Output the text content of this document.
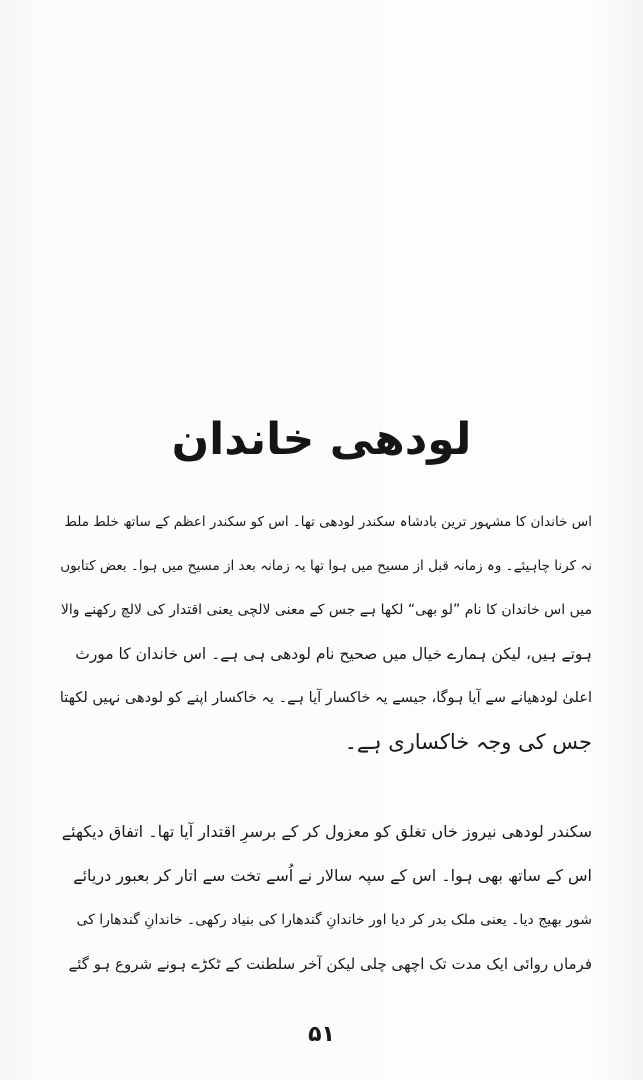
لودھی خاندان
اس خاندان کا مشہور ترین بادشاہ سکندر لودھی تھا۔ اس کو سکندر اعظم کے ساتھ خلط ملط
نہ کرنا چاہیئے۔ وہ زمانہ قبل از مسیح میں ہوا تھا یہ زمانہ بعد از مسیح میں ہوا۔ بعض کتابوں
میں اس خاندان کا نام ”لو بھی“ لکھا ہے جس کے معنی لالچی یعنی اقتدار کی لالچ رکھنے والا
ہوتے ہیں، لیکن ہمارے خیال میں صحیح نام لودھی ہی ہے۔ اس خاندان کا مورث
اعلیٰ لودھیانے سے آیا ہوگا، جیسے یہ خاکسار آیا ہے۔ یہ خاکسار اپنے کو لودھی نہیں لکھتا
جس کی وجہ خاکساری ہے۔
سکندر لودھی نیروز خاں تغلق کو معزول کر کے برسرِ اقتدار آیا تھا۔ اتفاق دیکھئے
اس کے ساتھ بھی ہوا۔ اس کے سپہ سالار نے اُسے تخت سے اتار کر بعبور دریائے
شور بھیج دیا۔ یعنی ملک بدر کر دیا اور خاندانِ گندھارا کی بنیاد رکھی۔ خاندانِ گندھارا کی
فرماں روائی ایک مدت تک اچھی چلی لیکن آخر سلطنت کے ٹکڑے ہونے شروع ہو گئے
۵۱
